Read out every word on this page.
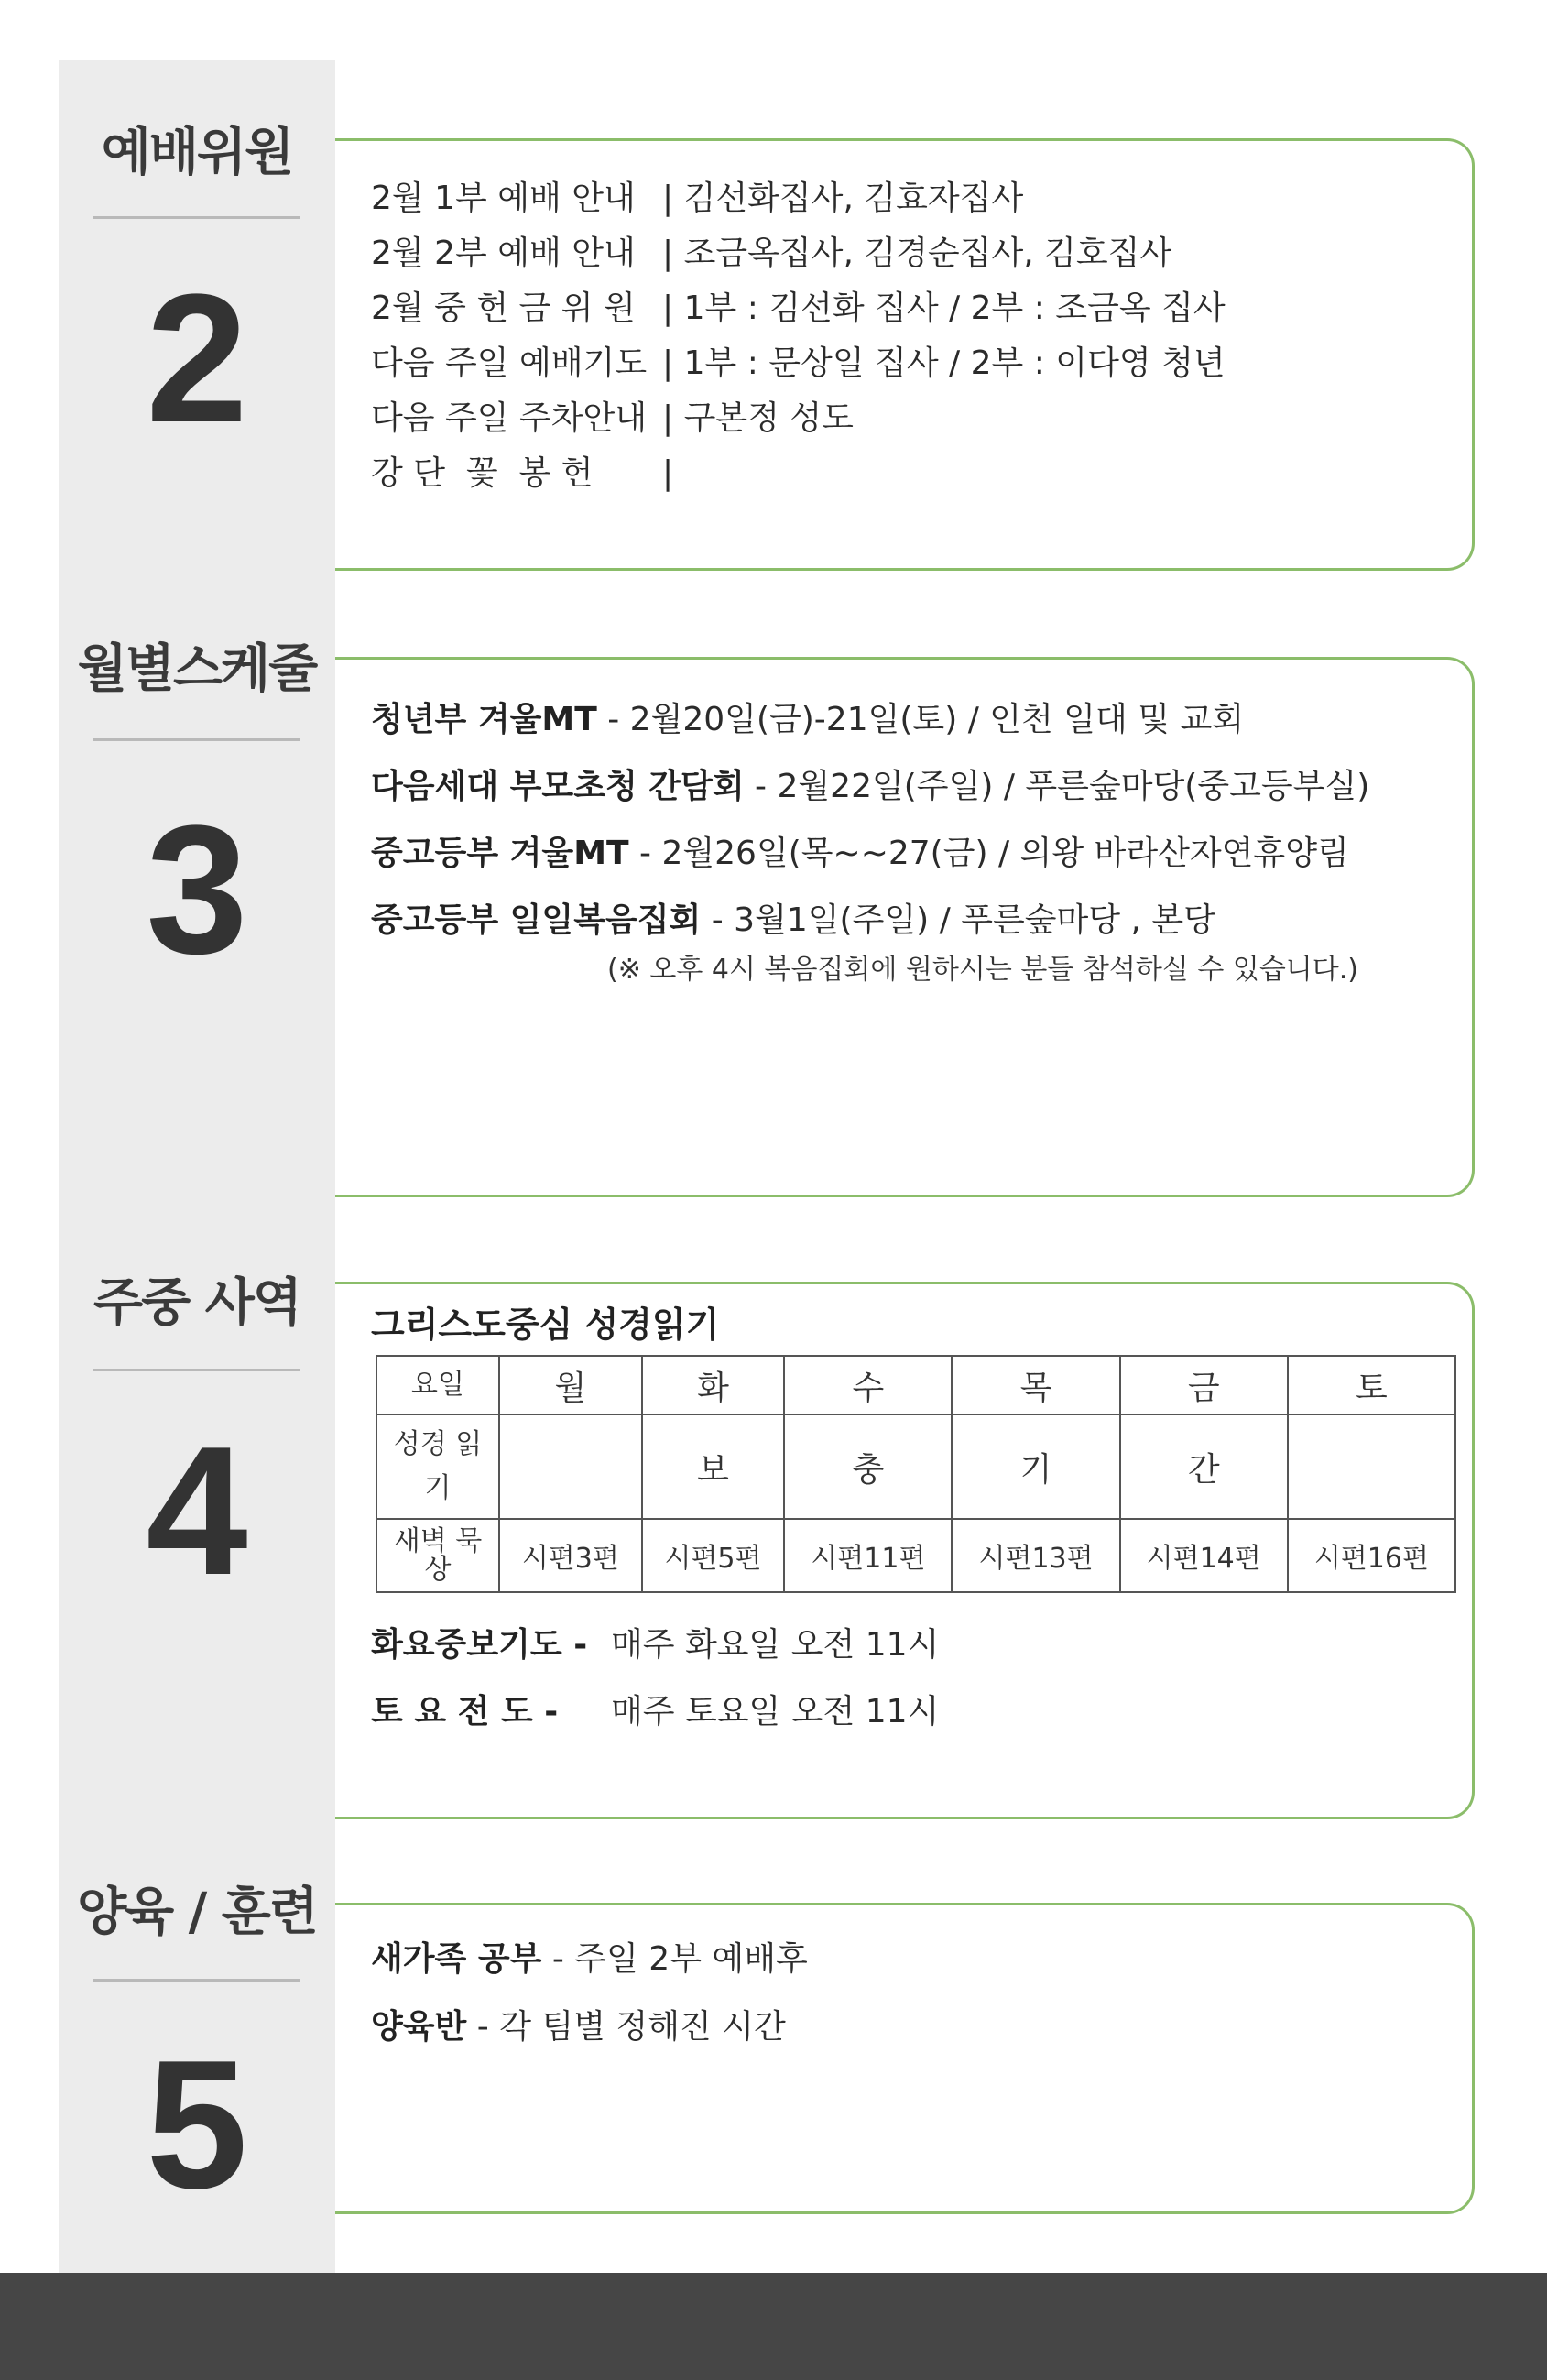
예배위원
2
2월 1부 예배 안내 | 김선화집사, 김효자집사
2월 2부 예배 안내 | 조금옥집사, 김경순집사, 김호집사
2월 중 헌 금 위 원 | 1부 : 김선화 집사 / 2부 : 조금옥 집사
다음 주일 예배기도 | 1부 : 문상일 집사 / 2부 : 이다영 청년
다음 주일 주차안내 | 구본정 성도
강 단  꽃  봉 헌 |
월별스케줄
3
청년부 겨울MT - 2월20일(금)-21일(토) / 인천 일대 및 교회
다음세대 부모초청 간담회 - 2월22일(주일) / 푸른숲마당(중고등부실)
중고등부 겨울MT - 2월26일(목~~27(금) / 의왕 바라산자연휴양림
중고등부 일일복음집회 - 3월1일(주일) / 푸른숲마당 , 본당
(※ 오후 4시 복음집회에 원하시는 분들 참석하실 수 있습니다.)
주중 사역
4
그리스도중심 성경읽기
요일	월	화	수	목	금	토
성경 읽기		보	충	기	간	
새벽 묵상	시편3편	시편5편	시편11편	시편13편	시편14편	시편16편
화요중보기도 -매주 화요일 오전 11시
토 요 전 도 - 매주 토요일 오전 11시
양육 / 훈련
5
새가족 공부 - 주일 2부 예배후
양육반 - 각 팀별 정해진 시간
